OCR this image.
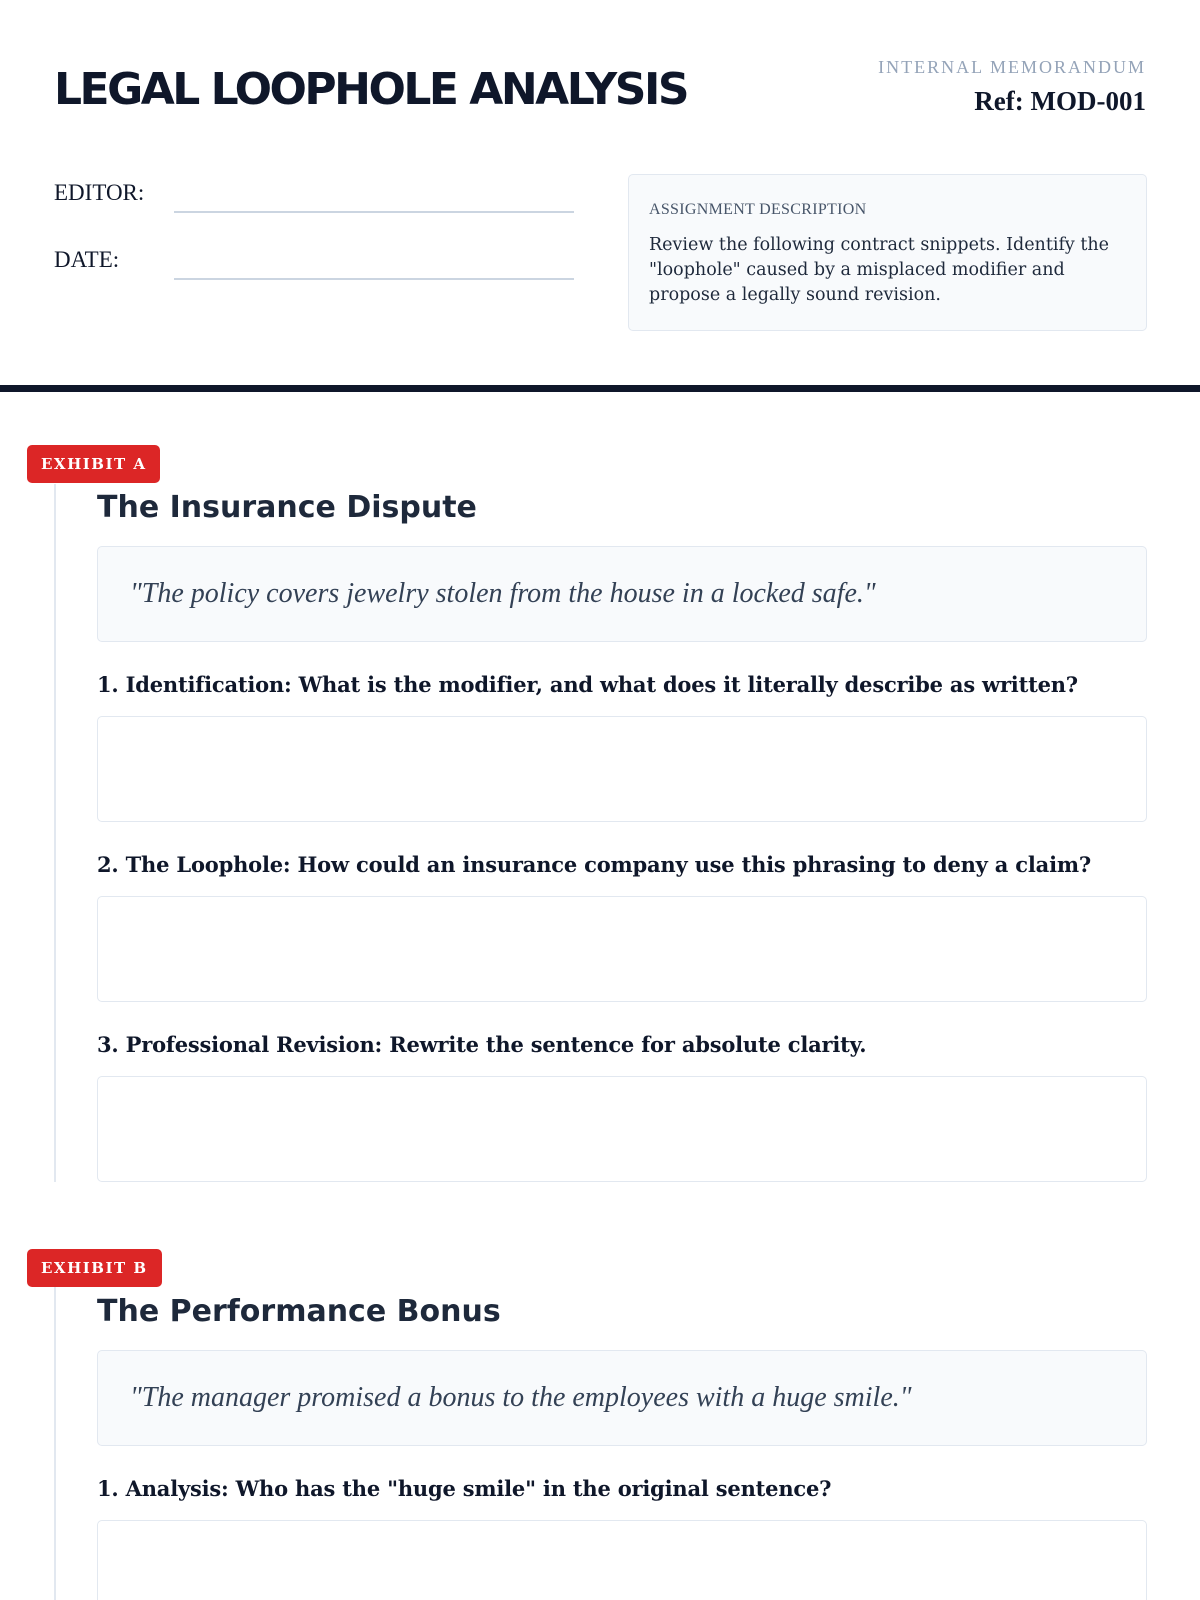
LEGAL LOOPHOLE ANALYSIS	INTERNAL MEMORANDUM
Ref: MOD-001
EDITOR:
DATE:
ASSIGNMENT DESCRIPTION
Review the following contract snippets. Identify the "loophole" caused by a misplaced modifier and propose a legally sound revision.
EXHIBIT A
The Insurance Dispute
"The policy covers jewelry stolen from the house in a locked safe."
1. Identification: What is the modifier, and what does it literally describe as written?
2. The Loophole: How could an insurance company use this phrasing to deny a claim?
3. Professional Revision: Rewrite the sentence for absolute clarity.
EXHIBIT B
The Performance Bonus
"The manager promised a bonus to the employees with a huge smile."
1. Analysis: Who has the "huge smile" in the original sentence?
